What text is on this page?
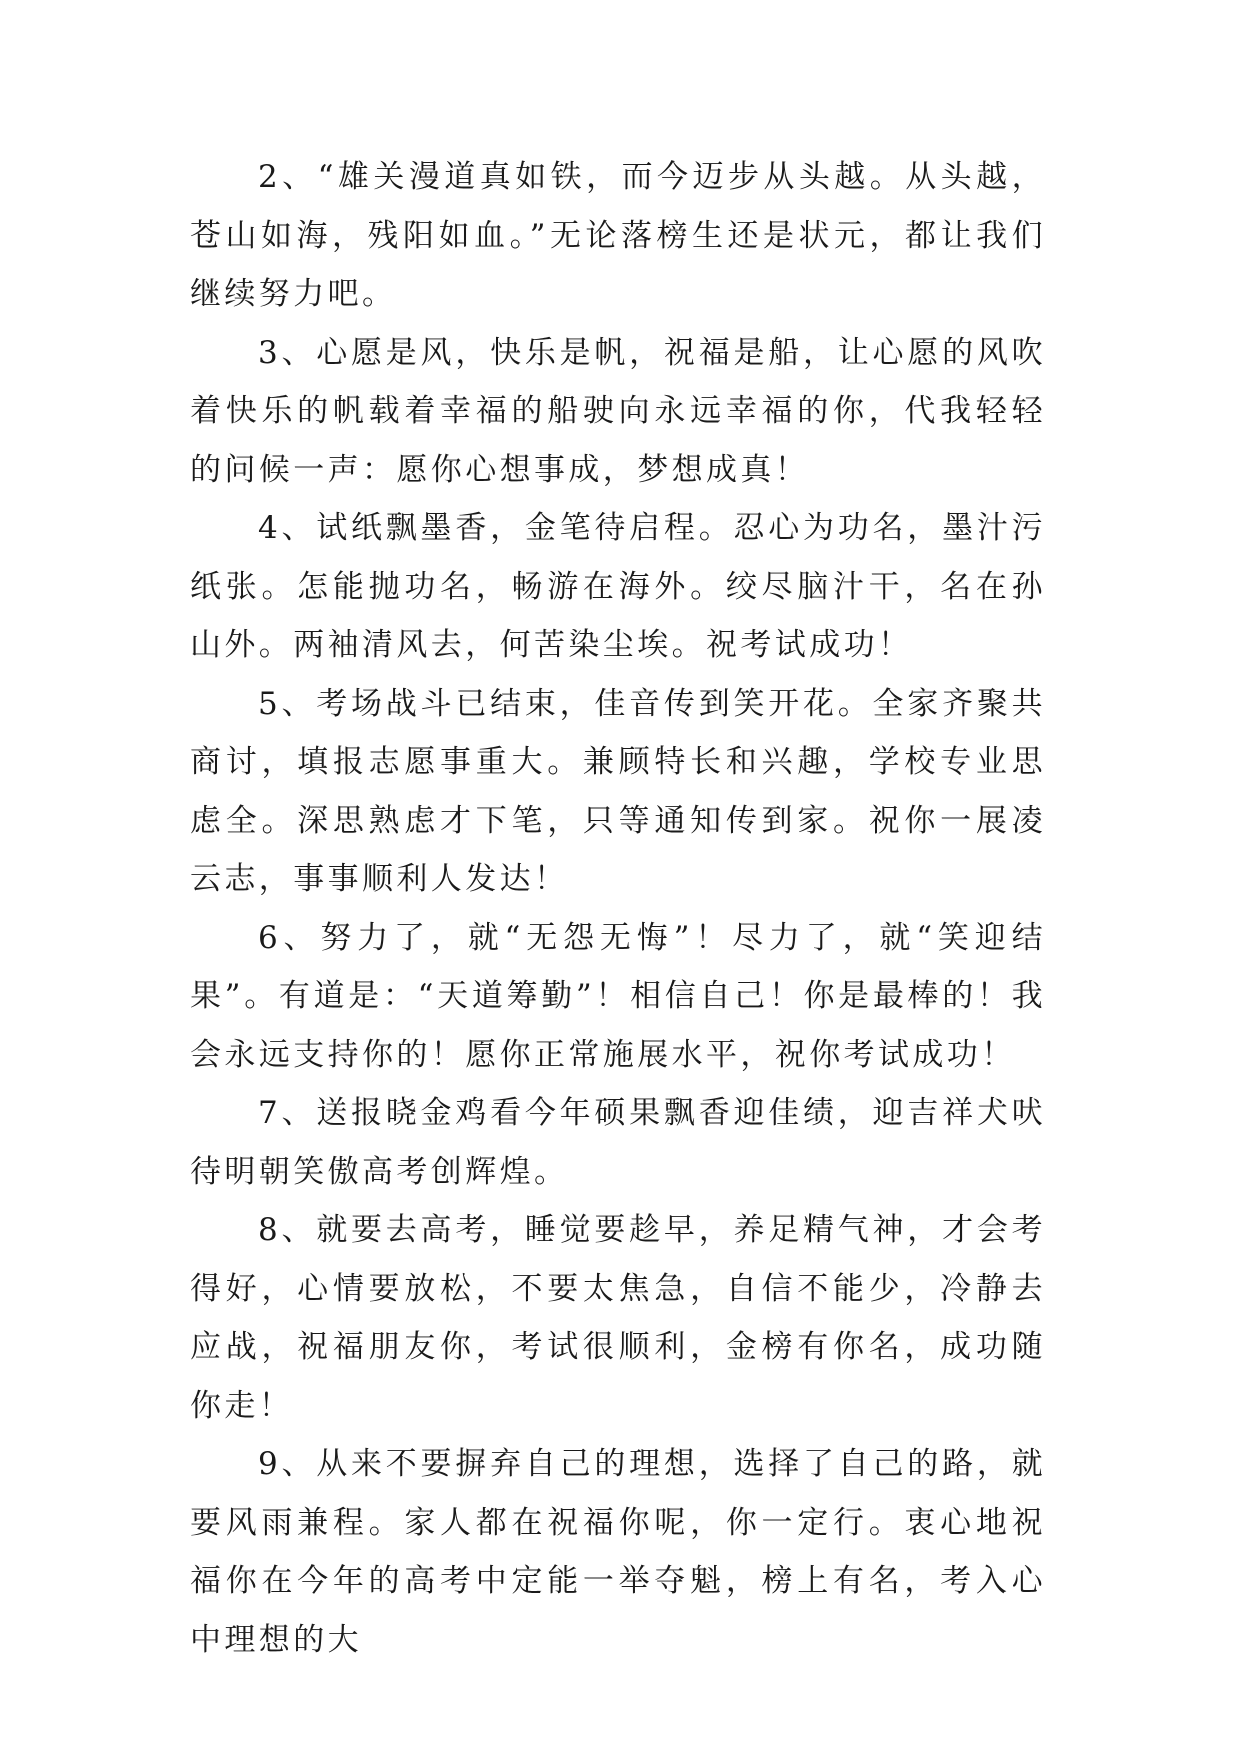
2、“雄关漫道真如铁，而今迈步从头越。从头越，苍山如海，残阳如血。”无论落榜生还是状元，都让我们继续努力吧。

3、心愿是风，快乐是帆，祝福是船，让心愿的风吹着快乐的帆载着幸福的船驶向永远幸福的你，代我轻轻的问候一声：愿你心想事成，梦想成真！

4、试纸飘墨香，金笔待启程。忍心为功名，墨汁污纸张。怎能抛功名，畅游在海外。绞尽脑汁干，名在孙山外。两袖清风去，何苦染尘埃。祝考试成功！

5、考场战斗已结束，佳音传到笑开花。全家齐聚共商讨，填报志愿事重大。兼顾特长和兴趣，学校专业思虑全。深思熟虑才下笔，只等通知传到家。祝你一展凌云志，事事顺利人发达！

6、努力了，就“无怨无悔”！尽力了，就“笑迎结果”。有道是：“天道筹勤”！相信自己！你是最棒的！我会永远支持你的！愿你正常施展水平，祝你考试成功！

7、送报晓金鸡看今年硕果飘香迎佳绩，迎吉祥犬吠待明朝笑傲高考创辉煌。

8、就要去高考，睡觉要趁早，养足精气神，才会考得好，心情要放松，不要太焦急，自信不能少，冷静去应战，祝福朋友你，考试很顺利，金榜有你名，成功随你走！

9、从来不要摒弃自己的理想，选择了自己的路，就要风雨兼程。家人都在祝福你呢，你一定行。衷心地祝福你在今年的高考中定能一举夺魁，榜上有名，考入心中理想的大
